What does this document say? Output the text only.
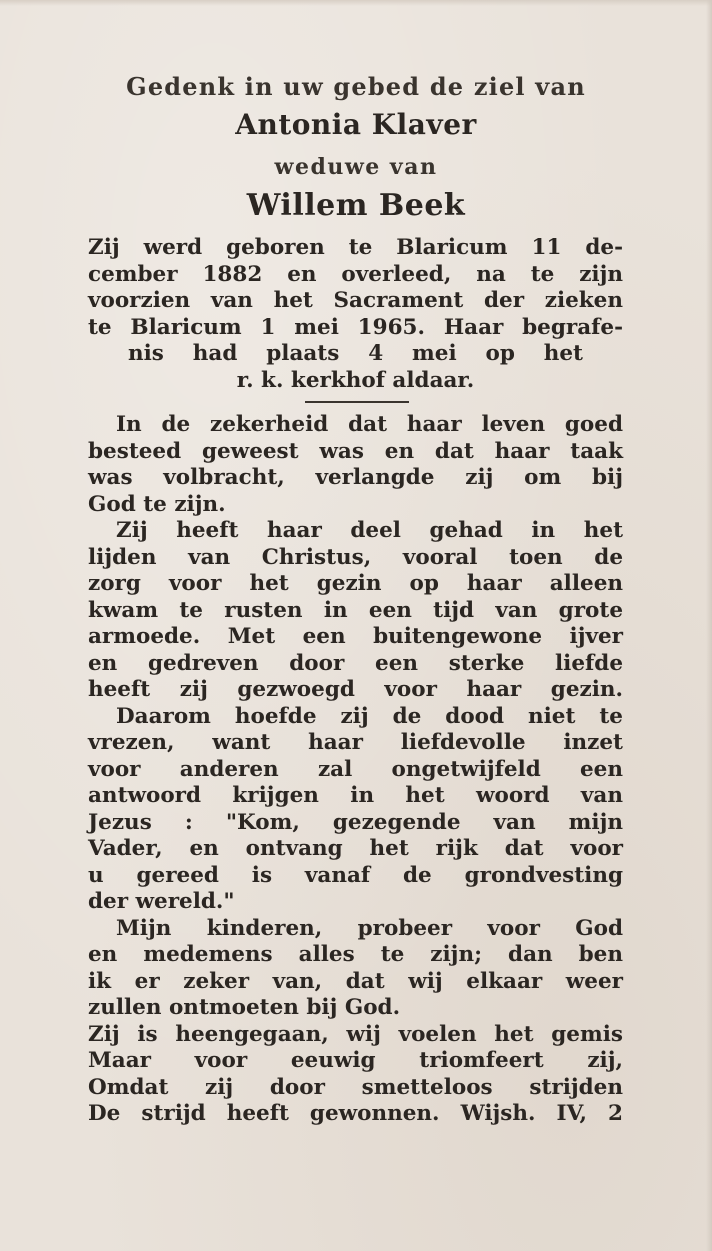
Gedenk in uw gebed de ziel van
Antonia Klaver
weduwe van
Willem Beek
Zij werd geboren te Blaricum 11 de-
cember 1882 en overleed, na te zijn
voorzien van het Sacrament der zieken
te Blaricum 1 mei 1965. Haar begrafe-
nis had plaats 4 mei op het
r. k. kerkhof aldaar.
In de zekerheid dat haar leven goed
besteed geweest was en dat haar taak
was volbracht, verlangde zij om bij
God te zijn.
Zij heeft haar deel gehad in het
lijden van Christus, vooral toen de
zorg voor het gezin op haar alleen
kwam te rusten in een tijd van grote
armoede. Met een buitengewone ijver
en gedreven door een sterke liefde
heeft zij gezwoegd voor haar gezin.
Daarom hoefde zij de dood niet te
vrezen, want haar liefdevolle inzet
voor anderen zal ongetwijfeld een
antwoord krijgen in het woord van
Jezus : "Kom, gezegende van mijn
Vader, en ontvang het rijk dat voor
u gereed is vanaf de grondvesting
der wereld."
Mijn kinderen, probeer voor God
en medemens alles te zijn; dan ben
ik er zeker van, dat wij elkaar weer
zullen ontmoeten bij God.
Zij is heengegaan, wij voelen het gemis
Maar voor eeuwig triomfeert zij,
Omdat zij door smetteloos strijden
De strijd heeft gewonnen. Wijsh. IV, 2
